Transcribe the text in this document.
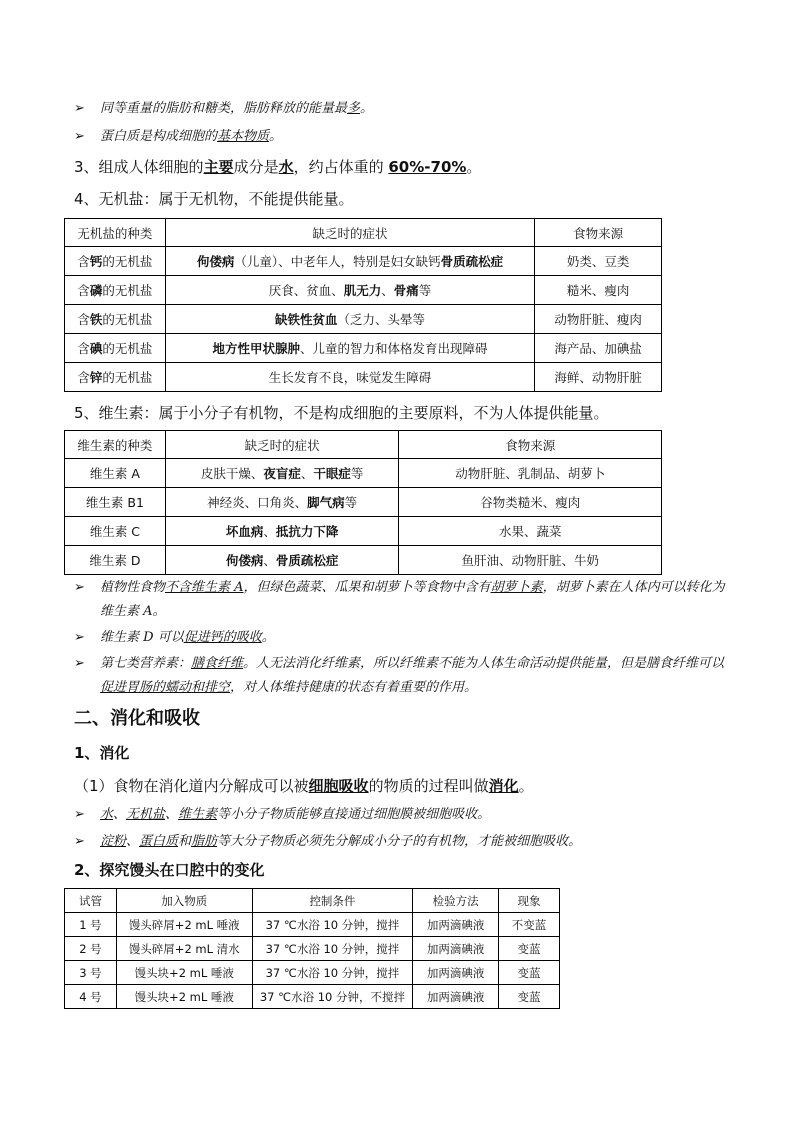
➢	同等重量的脂肪和糖类，脂肪释放的能量最多。
➢	蛋白质是构成细胞的基本物质。
3、组成人体细胞的主要成分是水，约占体重的 60%-70%。
4、无机盐：属于无机物，不能提供能量。
无机盐的种类	缺乏时的症状	食物来源
含钙的无机盐	佝偻病（儿童）、中老年人，特别是妇女缺钙骨质疏松症	奶类、豆类
含磷的无机盐	厌食、贫血、肌无力、骨痛等	糙米、瘦肉
含铁的无机盐	缺铁性贫血（乏力、头晕等	动物肝脏、瘦肉
含碘的无机盐	地方性甲状腺肿、儿童的智力和体格发育出现障碍	海产品、加碘盐
含锌的无机盐	生长发育不良，味觉发生障碍	海鲜、动物肝脏
5、维生素：属于小分子有机物，不是构成细胞的主要原料，不为人体提供能量。
维生素的种类	缺乏时的症状	食物来源
维生素 A	皮肤干燥、夜盲症、干眼症等	动物肝脏、乳制品、胡萝卜
维生素 B1	神经炎、口角炎、脚气病等	谷物类糙米、瘦肉
维生素 C	坏血病、抵抗力下降	水果、蔬菜
维生素 D	佝偻病、骨质疏松症	鱼肝油、动物肝脏、牛奶
➢	植物性食物不含维生素 A，但绿色蔬菜、瓜果和胡萝卜等食物中含有胡萝卜素，胡萝卜素在人体内可以转化为维生素 A。
➢	维生素 D 可以促进钙的吸收。
➢	第七类营养素：膳食纤维。人无法消化纤维素，所以纤维素不能为人体生命活动提供能量，但是膳食纤维可以促进胃肠的蠕动和排空，对人体维持健康的状态有着重要的作用。
二、消化和吸收
1、消化
（1）食物在消化道内分解成可以被细胞吸收的物质的过程叫做消化。
➢	水、无机盐、维生素等小分子物质能够直接通过细胞膜被细胞吸收。
➢	淀粉、蛋白质和脂肪等大分子物质必须先分解成小分子的有机物，才能被细胞吸收。
2、探究馒头在口腔中的变化
试管	加入物质	控制条件	检验方法	现象
1 号	馒头碎屑+2 mL 唾液	37 ℃水浴 10 分钟，搅拌	加两滴碘液	不变蓝
2 号	馒头碎屑+2 mL 清水	37 ℃水浴 10 分钟，搅拌	加两滴碘液	变蓝
3 号	馒头块+2 mL 唾液	37 ℃水浴 10 分钟，搅拌	加两滴碘液	变蓝
4 号	馒头块+2 mL 唾液	37 ℃水浴 10 分钟，不搅拌	加两滴碘液	变蓝
